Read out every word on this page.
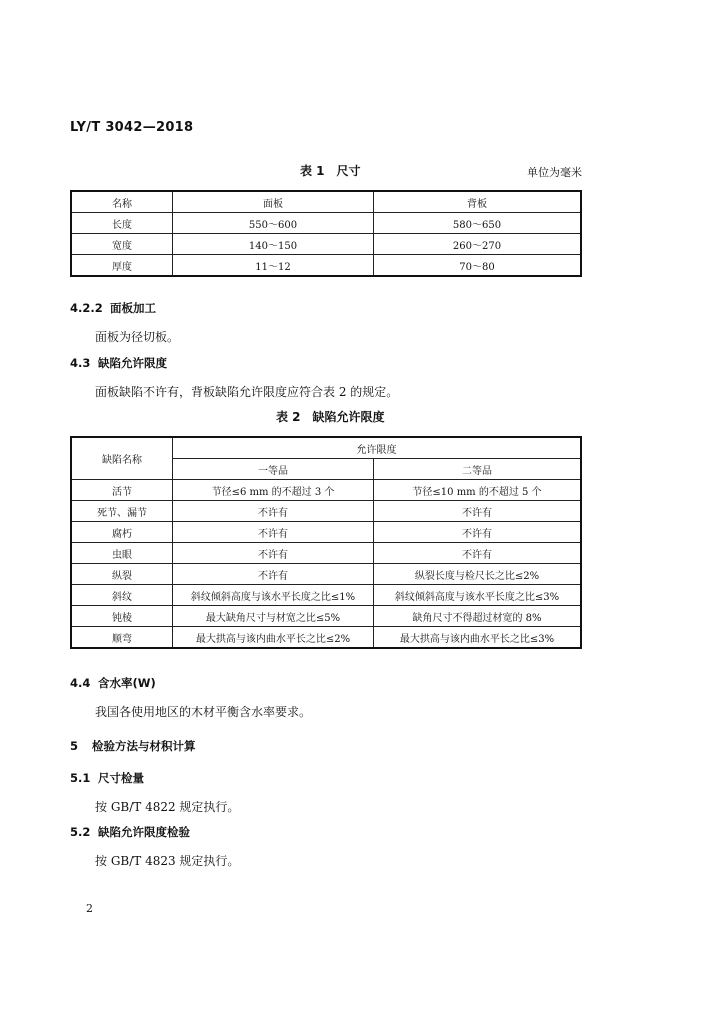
LY/T 3042—2018
表 1　尺寸	单位为毫米
名称	面板	背板
长度	550～600	580～650
宽度	140～150	260～270
厚度	11～12	70～80
4.2.2 面板加工
面板为径切板。
4.3 缺陷允许限度
面板缺陷不许有，背板缺陷允许限度应符合表 2 的规定。
表 2　缺陷允许限度
缺陷名称	允许限度	
	一等品	二等品
活节	节径≤6 mm 的不超过 3 个	节径≤10 mm 的不超过 5 个
死节、漏节	不许有	不许有
腐朽	不许有	不许有
虫眼	不许有	不许有
纵裂	不许有	纵裂长度与检尺长之比≤2%
斜纹	斜纹倾斜高度与该水平长度之比≤1%	斜纹倾斜高度与该水平长度之比≤3%
钝棱	最大缺角尺寸与材宽之比≤5%	缺角尺寸不得超过材宽的 8%
顺弯	最大拱高与该内曲水平长之比≤2%	最大拱高与该内曲水平长之比≤3%
4.4 含水率(W)
我国各使用地区的木材平衡含水率要求。
5 检验方法与材积计算
5.1 尺寸检量
按 GB/T 4822 规定执行。
5.2 缺陷允许限度检验
按 GB/T 4823 规定执行。
2
